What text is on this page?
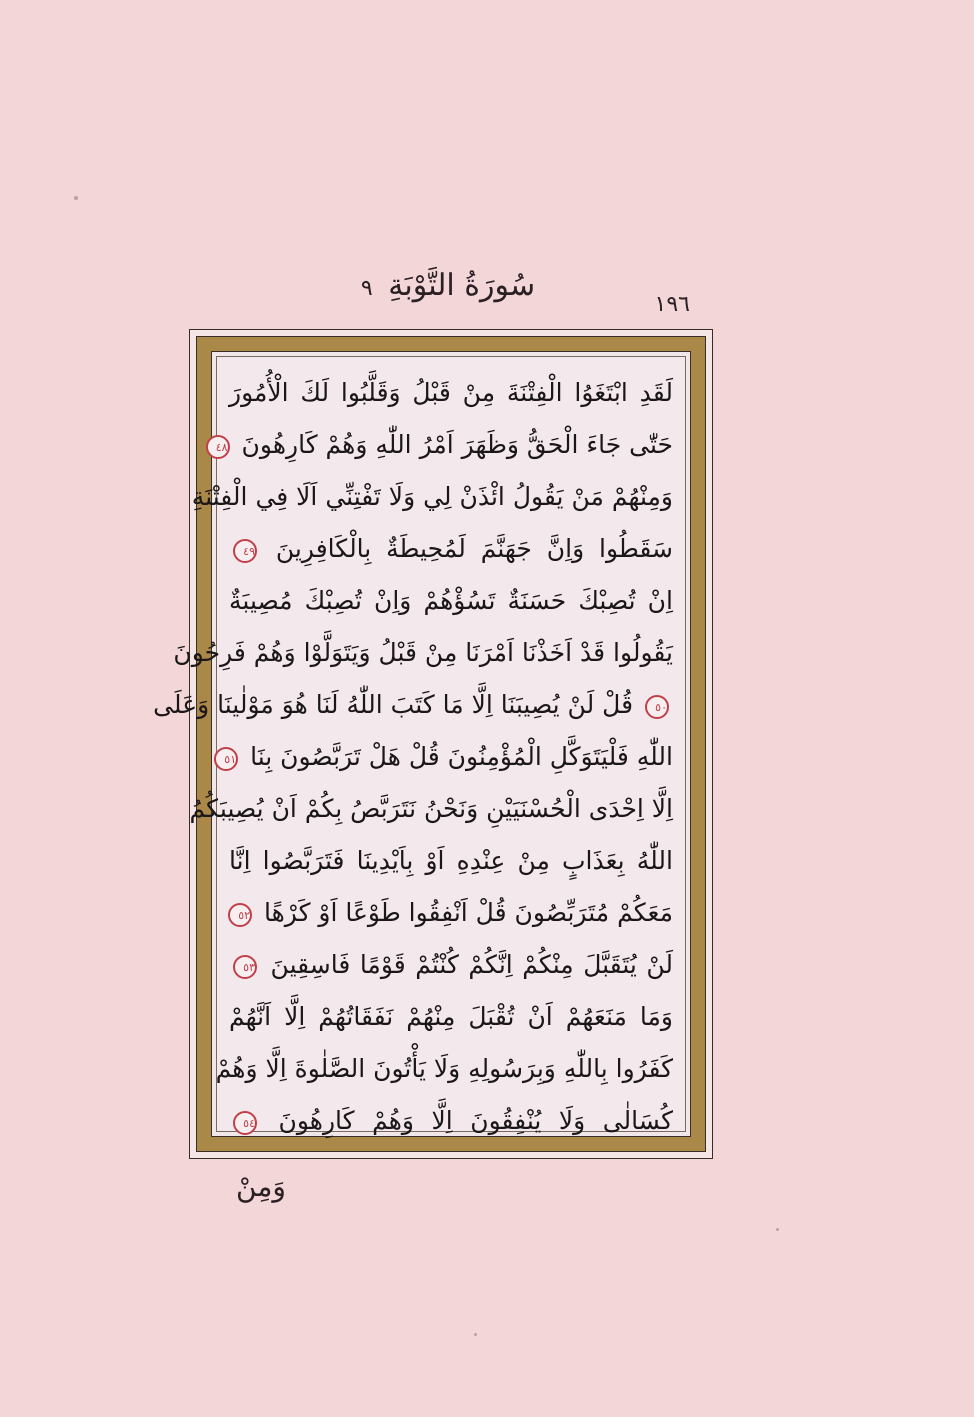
سُورَةُ التَّوْبَةِ ٩
١٩٦
لَقَدِ ابْتَغَوُا الْفِتْنَةَ مِنْ قَبْلُ وَقَلَّبُوا لَكَ الْأُمُورَ
حَتّٰى جَاءَ الْحَقُّ وَظَهَرَ اَمْرُ اللّٰهِ وَهُمْ كَارِهُونَ ٤٨
وَمِنْهُمْ مَنْ يَقُولُ ائْذَنْ لِي وَلَا تَفْتِنِّي اَلَا فِي الْفِتْنَةِ
سَقَطُوا وَاِنَّ جَهَنَّمَ لَمُحِيطَةٌ بِالْكَافِرِينَ ٤٩
اِنْ تُصِبْكَ حَسَنَةٌ تَسُؤْهُمْ وَاِنْ تُصِبْكَ مُصِيبَةٌ
يَقُولُوا قَدْ اَخَذْنَا اَمْرَنَا مِنْ قَبْلُ وَيَتَوَلَّوْا وَهُمْ فَرِحُونَ
٥٠ قُلْ لَنْ يُصِيبَنَا اِلَّا مَا كَتَبَ اللّٰهُ لَنَا هُوَ مَوْلٰينَا وَعَلَى
اللّٰهِ فَلْيَتَوَكَّلِ الْمُؤْمِنُونَ قُلْ هَلْ تَرَبَّصُونَ بِنَا ٥١
اِلَّا اِحْدَى الْحُسْنَيَيْنِ وَنَحْنُ نَتَرَبَّصُ بِكُمْ اَنْ يُصِيبَكُمُ
اللّٰهُ بِعَذَابٍ مِنْ عِنْدِهِ اَوْ بِاَيْدِينَا فَتَرَبَّصُوا اِنَّا
مَعَكُمْ مُتَرَبِّصُونَ قُلْ اَنْفِقُوا طَوْعًا اَوْ كَرْهًا ٥٢
لَنْ يُتَقَبَّلَ مِنْكُمْ اِنَّكُمْ كُنْتُمْ قَوْمًا فَاسِقِينَ ٥٣
وَمَا مَنَعَهُمْ اَنْ تُقْبَلَ مِنْهُمْ نَفَقَاتُهُمْ اِلَّا اَنَّهُمْ
كَفَرُوا بِاللّٰهِ وَبِرَسُولِهِ وَلَا يَأْتُونَ الصَّلٰوةَ اِلَّا وَهُمْ
كُسَالٰى وَلَا يُنْفِقُونَ اِلَّا وَهُمْ كَارِهُونَ ٥٤
وَمِنْ
